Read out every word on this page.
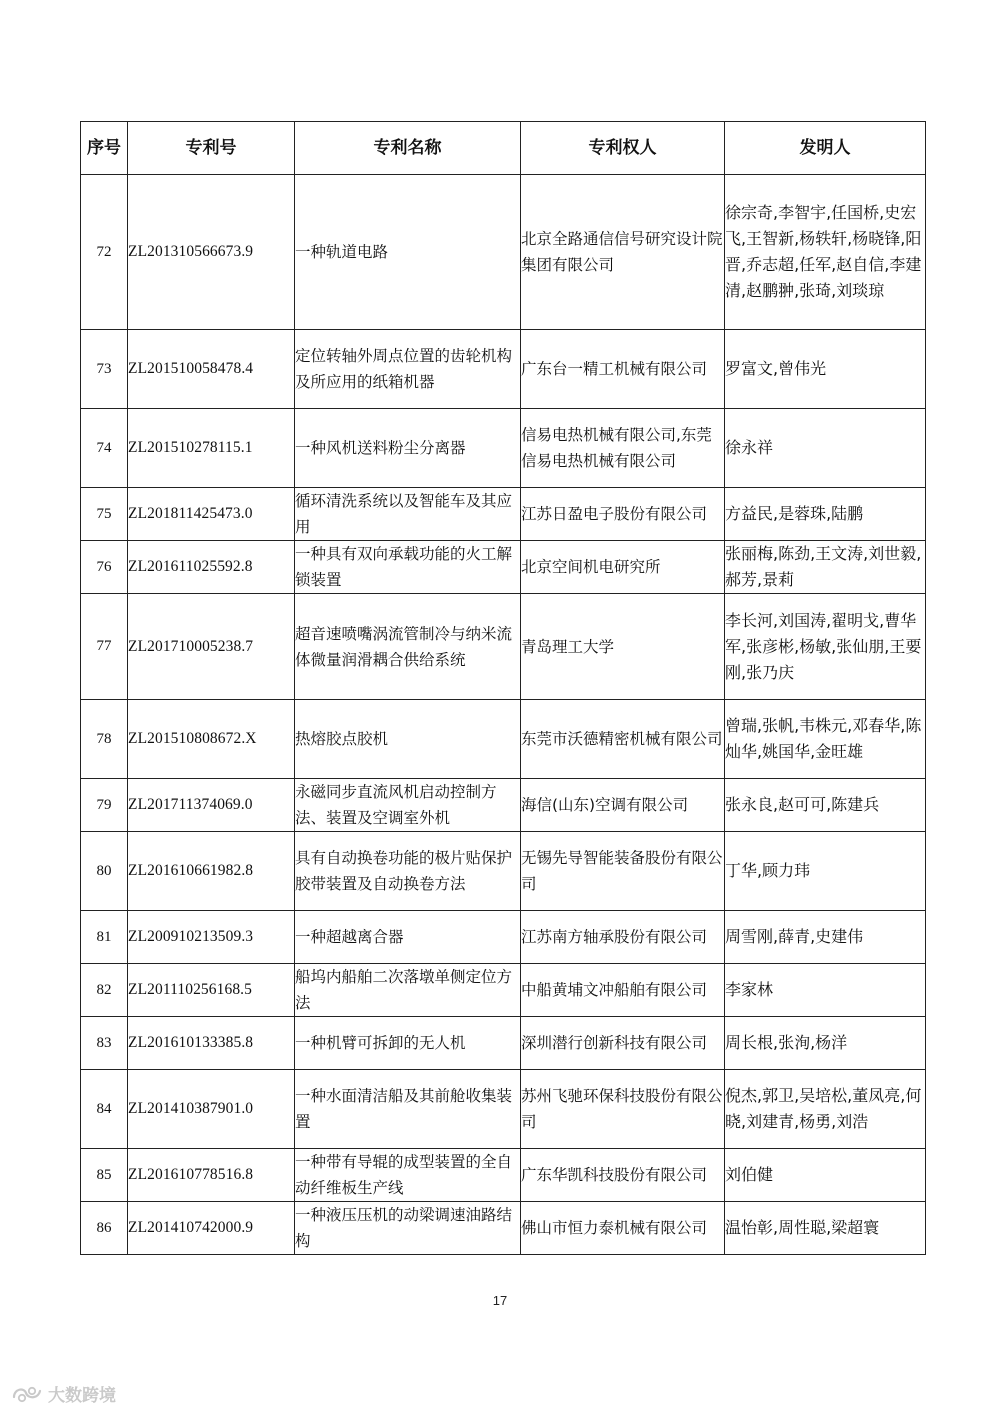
序号	专利号	专利名称	专利权人	发明人
72	ZL201310566673.9	一种轨道电路	北京全路通信信号研究设计院集团有限公司	徐宗奇,李智宇,任国桥,史宏飞,王智新,杨轶轩,杨晓锋,阳晋,乔志超,任军,赵自信,李建清,赵鹏翀,张琦,刘琰琼
73	ZL201510058478.4	定位转轴外周点位置的齿轮机构及所应用的纸箱机器	广东台一精工机械有限公司	罗富文,曾伟光
74	ZL201510278115.1	一种风机送料粉尘分离器	信易电热机械有限公司,东莞信易电热机械有限公司	徐永祥
75	ZL201811425473.0	循环清洗系统以及智能车及其应用	江苏日盈电子股份有限公司	方益民,是蓉珠,陆鹏
76	ZL201611025592.8	一种具有双向承载功能的火工解锁装置	北京空间机电研究所	张丽梅,陈劲,王文涛,刘世毅,郝芳,景莉
77	ZL201710005238.7	超音速喷嘴涡流管制冷与纳米流体微量润滑耦合供给系统	青岛理工大学	李长河,刘国涛,翟明戈,曹华军,张彦彬,杨敏,张仙朋,王要刚,张乃庆
78	ZL201510808672.X	热熔胶点胶机	东莞市沃德精密机械有限公司	曾瑞,张帆,韦株元,邓春华,陈灿华,姚国华,金旺雄
79	ZL201711374069.0	永磁同步直流风机启动控制方法、装置及空调室外机	海信(山东)空调有限公司	张永良,赵可可,陈建兵
80	ZL201610661982.8	具有自动换卷功能的极片贴保护胶带装置及自动换卷方法	无锡先导智能装备股份有限公司	丁华,顾力玮
81	ZL200910213509.3	一种超越离合器	江苏南方轴承股份有限公司	周雪刚,薛青,史建伟
82	ZL201110256168.5	船坞内船舶二次落墩单侧定位方法	中船黄埔文冲船舶有限公司	李家林
83	ZL201610133385.8	一种机臂可拆卸的无人机	深圳潜行创新科技有限公司	周长根,张洵,杨洋
84	ZL201410387901.0	一种水面清洁船及其前舱收集装置	苏州飞驰环保科技股份有限公司	倪杰,郭卫,吴培松,董凤亮,何晓,刘建青,杨勇,刘浩
85	ZL201610778516.8	一种带有导辊的成型装置的全自动纤维板生产线	广东华凯科技股份有限公司	刘伯健
86	ZL201410742000.9	一种液压压机的动梁调速油路结构	佛山市恒力泰机械有限公司	温怡彰,周性聪,梁超寰
17
大数跨境
